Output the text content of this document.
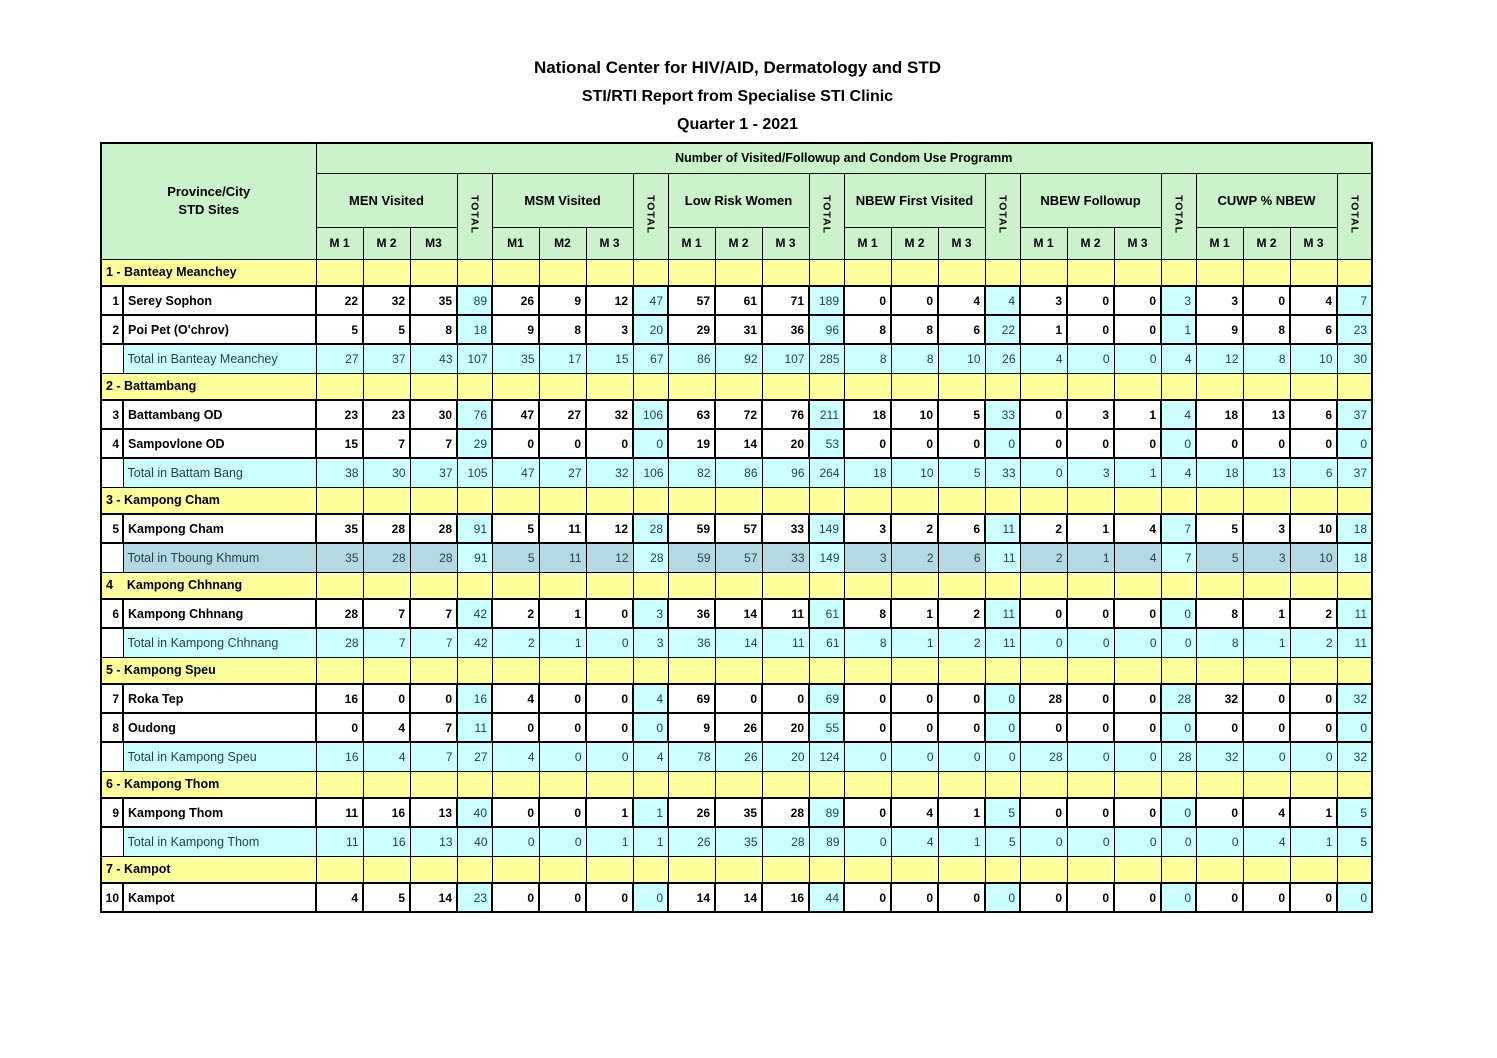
National Center for HIV/AID, Dermatology and STD
STI/RTI Report from Specialise STI Clinic
Quarter 1 - 2021
Province/City
STD Sites		Number of Visited/Followup and Condom Use Programm																							
		MEN Visited			TOTAL	MSM Visited			TOTAL	Low Risk Women			TOTAL	NBEW First Visited			TOTAL	NBEW Followup			TOTAL	CUWP % NBEW			TOTAL
		M 1	M 2	M3		M1	M2	M 3		M 1	M 2	M 3		M 1	M 2	M 3		M 1	M 2	M 3		M 1	M 2	M 3	
1 - Banteay Meanchey																									
1	Serey Sophon	22	32	35	89	26	9	12	47	57	61	71	189	0	0	4	4	3	0	0	3	3	0	4	7
2	Poi Pet (O'chrov)	5	5	8	18	9	8	3	20	29	31	36	96	8	8	6	22	1	0	0	1	9	8	6	23
	Total in Banteay Meanchey	27	37	43	107	35	17	15	67	86	92	107	285	8	8	10	26	4	0	0	4	12	8	10	30
2 - Battambang																									
3	Battambang OD	23	23	30	76	47	27	32	106	63	72	76	211	18	10	5	33	0	3	1	4	18	13	6	37
4	Sampovlone OD	15	7	7	29	0	0	0	0	19	14	20	53	0	0	0	0	0	0	0	0	0	0	0	0
	Total in Battam Bang	38	30	37	105	47	27	32	106	82	86	96	264	18	10	5	33	0	3	1	4	18	13	6	37
3 - Kampong Cham																									
5	Kampong Cham	35	28	28	91	5	11	12	28	59	57	33	149	3	2	6	11	2	1	4	7	5	3	10	18
	Total in Tboung Khmum	35	28	28	91	5	11	12	28	59	57	33	149	3	2	6	11	2	1	4	7	5	3	10	18
4    Kampong Chhnang																									
6	Kampong Chhnang	28	7	7	42	2	1	0	3	36	14	11	61	8	1	2	11	0	0	0	0	8	1	2	11
	Total in Kampong Chhnang	28	7	7	42	2	1	0	3	36	14	11	61	8	1	2	11	0	0	0	0	8	1	2	11
5 - Kampong Speu																									
7	Roka Tep	16	0	0	16	4	0	0	4	69	0	0	69	0	0	0	0	28	0	0	28	32	0	0	32
8	Oudong	0	4	7	11	0	0	0	0	9	26	20	55	0	0	0	0	0	0	0	0	0	0	0	0
	Total in Kampong Speu	16	4	7	27	4	0	0	4	78	26	20	124	0	0	0	0	28	0	0	28	32	0	0	32
6 - Kampong Thom																									
9	Kampong Thom	11	16	13	40	0	0	1	1	26	35	28	89	0	4	1	5	0	0	0	0	0	4	1	5
	Total in Kampong Thom	11	16	13	40	0	0	1	1	26	35	28	89	0	4	1	5	0	0	0	0	0	4	1	5
7 - Kampot																									
10	Kampot	4	5	14	23	0	0	0	0	14	14	16	44	0	0	0	0	0	0	0	0	0	0	0	0
